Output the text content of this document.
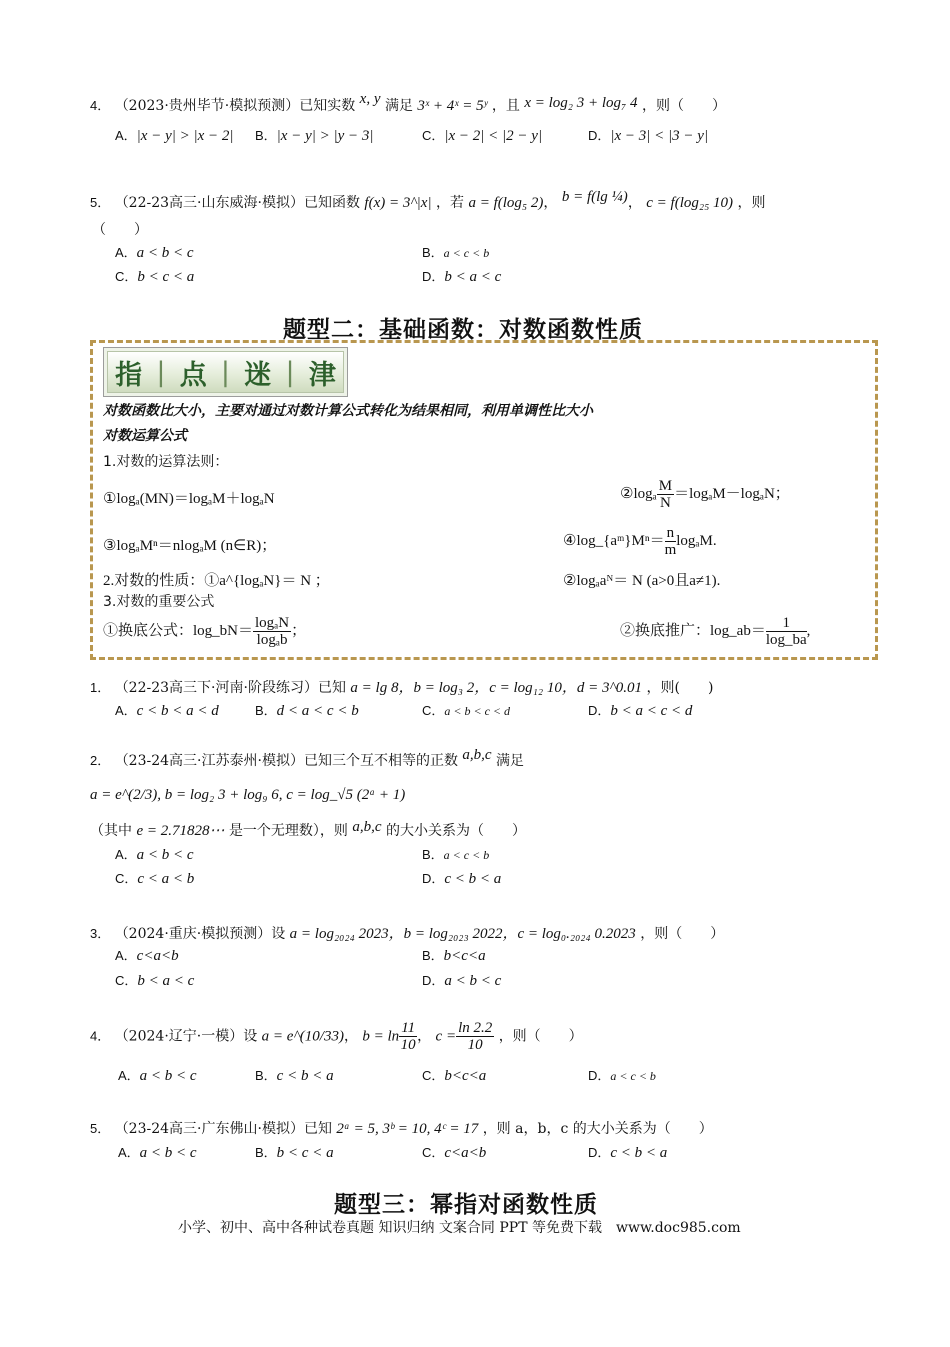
4． （2023·贵州毕节·模拟预测）已知实数 x, y 满足 3ˣ + 4ˣ = 5ʸ ，且 x = log₂ 3 + log₇ 4 ，则（　　）
A．|x − y| > |x − 2| B．|x − y| > |y − 3|	C．|x − 2| < |2 − y|	D．|x − 3| < |3 − y|
5． （22-23高三·山东威海·模拟）已知函数 f(x) = 3^|x| ，若 a = f(log₅ 2)， b = f(lg ¼)， c = f(log₂₅ 10) ，则
（　　）
A．a < b < c	B．a < c < b
C．b < c < a	D．b < a < c
题型二：基础函数：对数函数性质
指 | 点 | 迷 | 津
对数函数比大小，主要对通过对数计算公式转化为结果相同，利用单调性比大小
对数运算公式
1.对数的运算法则：
①logₐ(MN)＝logₐM＋logₐN	②logₐ $\frac{M}{N} =\log_aM-\log_aN$；
③logₐMⁿ＝nlogₐM (n∈R)；	④log_{aᵐ}Mⁿ＝ $\frac{n}{m} \log_aM$.
2.对数的性质：①a^{logₐN}＝ N ；	②logₐaᴺ＝ N (a>0且a≠1).
3.对数的重要公式
①换底公式：log_bN＝ $\frac{\text{logₐN}}{\text{logₐb}}$ ；	②换底推广：log_ab＝ $\frac{1}{\log\_ba}$ ,
1． （22-23高三下·河南·阶段练习）已知 a = lg 8，b = log₃ 2，c = log₁₂ 10，d = 3^0.01 ，则(　　)
A．c < b < a < d	B．d < a < c < b	C．a < b < c < d	D．b < a < c < d
2． （23-24高三·江苏泰州·模拟）已知三个互不相等的正数 a,b,c 满足
a = e^(2/3), b = log₂ 3 + log₉ 6, c = log_√5 (2ᵃ + 1)
（其中 e = 2.71828⋯ 是一个无理数），则 a,b,c 的大小关系为（　　）
A．a < b < c	B．a < c < b
C．c < a < b	D．c < b < a
3． （2024·重庆·模拟预测）设 a = log₂₀₂₄ 2023，b = log₂₀₂₃ 2022，c = log₀.₂₀₂₄ 0.2023 ，则（　　）
A．c<a<b	B．b<c<a
C．b < a < c	D．a < b < c
4． （2024·辽宁·一模）设 a = e^(10/33)， $b = \ln \frac{11}{10}$ ， $c = \frac{\ln 2.2}{10}$ ，则（　　）
A．a < b < c	B．c < b < a	C．b<c<a	D．a < c < b
5． （23-24高三·广东佛山·模拟）已知 2ᵃ = 5, 3ᵇ = 10, 4ᶜ = 17 ，则 a，b，c 的大小关系为（　　）
A．a < b < c	B．b < c < a	C．c<a<b	D．c < b < a
题型三：幂指对函数性质
小学、初中、高中各种试卷真题 知识归纳 文案合同 PPT 等免费下载　www.doc985.com
